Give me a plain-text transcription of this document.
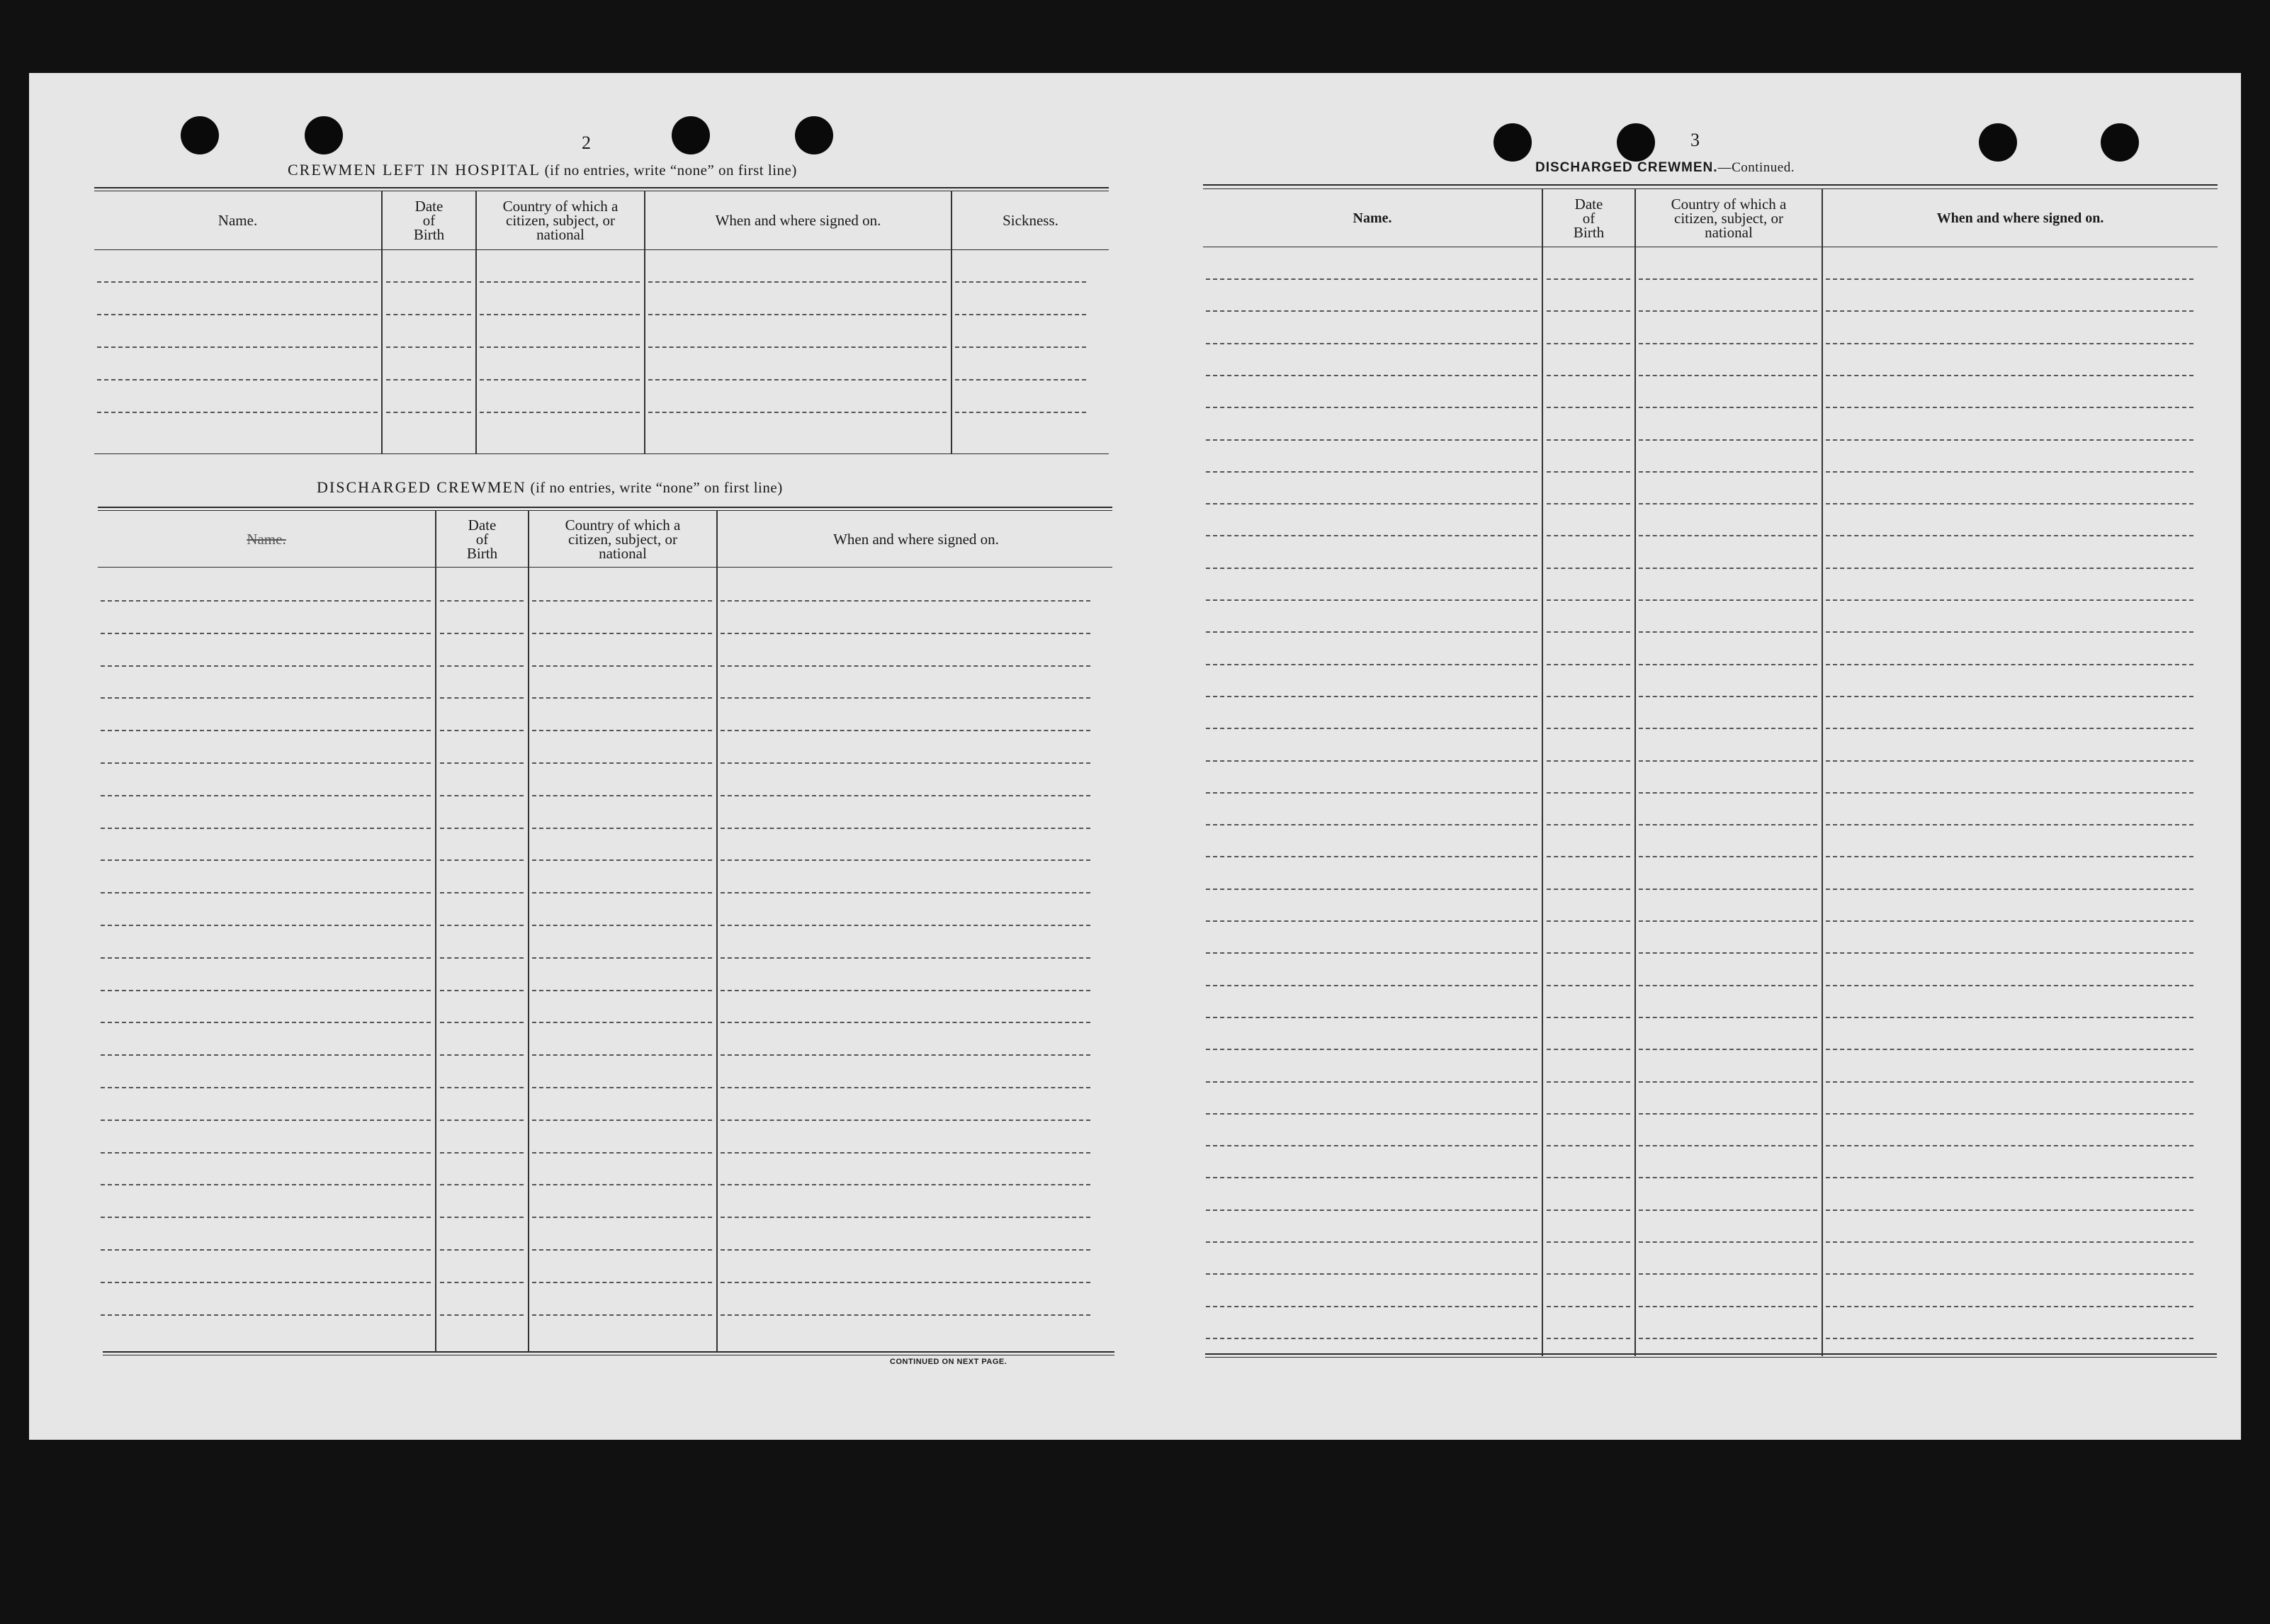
2
CREWMEN LEFT IN HOSPITAL (if no entries, write “none” on first line)
Name.
Date
of
Birth
Country of which a
citizen, subject, or
national
When and where signed on.	Sickness.
DISCHARGED CREWMEN (if no entries, write “none” on first line)
Name.
Date
of
Birth
Country of which a
citizen, subject, or
national
When and where signed on.
CONTINUED ON NEXT PAGE.
3
DISCHARGED CREWMEN.—Continued.
Name.
Date
of
Birth
Country of which a
citizen, subject, or
national
When and where signed on.
